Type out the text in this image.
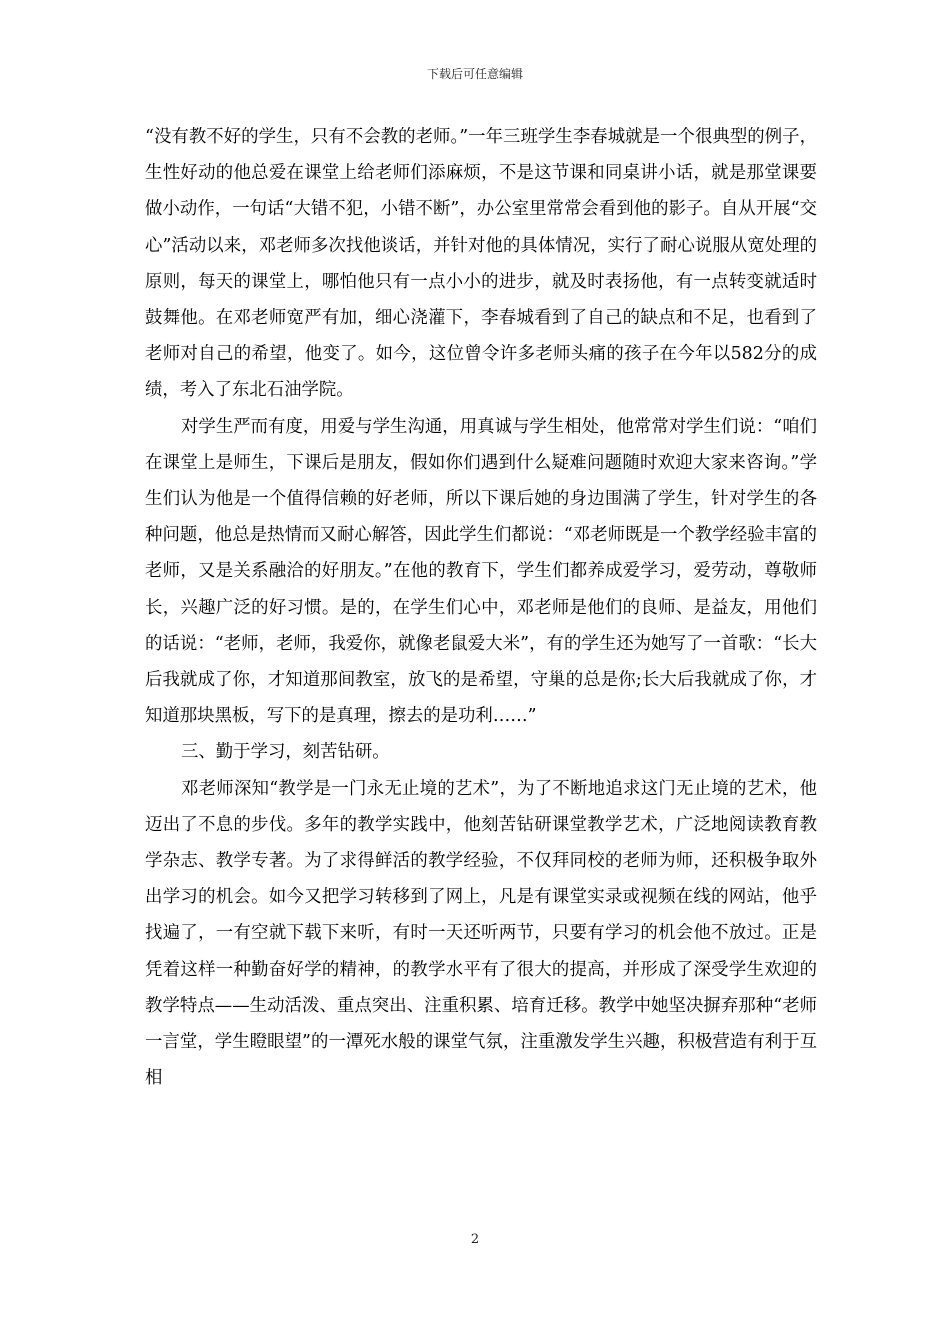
下载后可任意编辑

“没有教不好的学生，只有不会教的老师。”一年三班学生李春城就是一个很典型的例子，生性好动的他总爱在课堂上给老师们添麻烦，不是这节课和同桌讲小话，就是那堂课要做小动作，一句话“大错不犯，小错不断”，办公室里常常会看到他的影子。自从开展“交心”活动以来，邓老师多次找他谈话，并针对他的具体情况，实行了耐心说服从宽处理的原则，每天的课堂上，哪怕他只有一点小小的进步，就及时表扬他，有一点转变就适时鼓舞他。在邓老师宽严有加，细心浇灌下，李春城看到了自己的缺点和不足，也看到了老师对自己的希望，他变了。如今，这位曾令许多老师头痛的孩子在今年以582分的成绩，考入了东北石油学院。

对学生严而有度，用爱与学生沟通，用真诚与学生相处，他常常对学生们说：“咱们在课堂上是师生，下课后是朋友，假如你们遇到什么疑难问题随时欢迎大家来咨询。”学生们认为他是一个值得信赖的好老师，所以下课后她的身边围满了学生，针对学生的各种问题，他总是热情而又耐心解答，因此学生们都说：“邓老师既是一个教学经验丰富的老师，又是关系融洽的好朋友。”在他的教育下，学生们都养成爱学习，爱劳动，尊敬师长，兴趣广泛的好习惯。是的，在学生们心中，邓老师是他们的良师、是益友，用他们的话说：“老师，老师，我爱你，就像老鼠爱大米”，有的学生还为她写了一首歌：“长大后我就成了你，才知道那间教室，放飞的是希望，守巢的总是你;长大后我就成了你，才知道那块黑板，写下的是真理，擦去的是功利……”

三、勤于学习，刻苦钻研。

邓老师深知“教学是一门永无止境的艺术”，为了不断地追求这门无止境的艺术，他迈出了不息的步伐。多年的教学实践中，他刻苦钻研课堂教学艺术，广泛地阅读教育教学杂志、教学专著。为了求得鲜活的教学经验，不仅拜同校的老师为师，还积极争取外出学习的机会。如今又把学习转移到了网上，凡是有课堂实录或视频在线的网站，他乎找遍了，一有空就下载下来听，有时一天还听两节，只要有学习的机会他不放过。正是凭着这样一种勤奋好学的精神，的教学水平有了很大的提高，并形成了深受学生欢迎的教学特点——生动活泼、重点突出、注重积累、培育迁移。教学中她坚决摒弃那种“老师一言堂，学生瞪眼望”的一潭死水般的课堂气氛，注重激发学生兴趣，积极营造有利于互相

2
